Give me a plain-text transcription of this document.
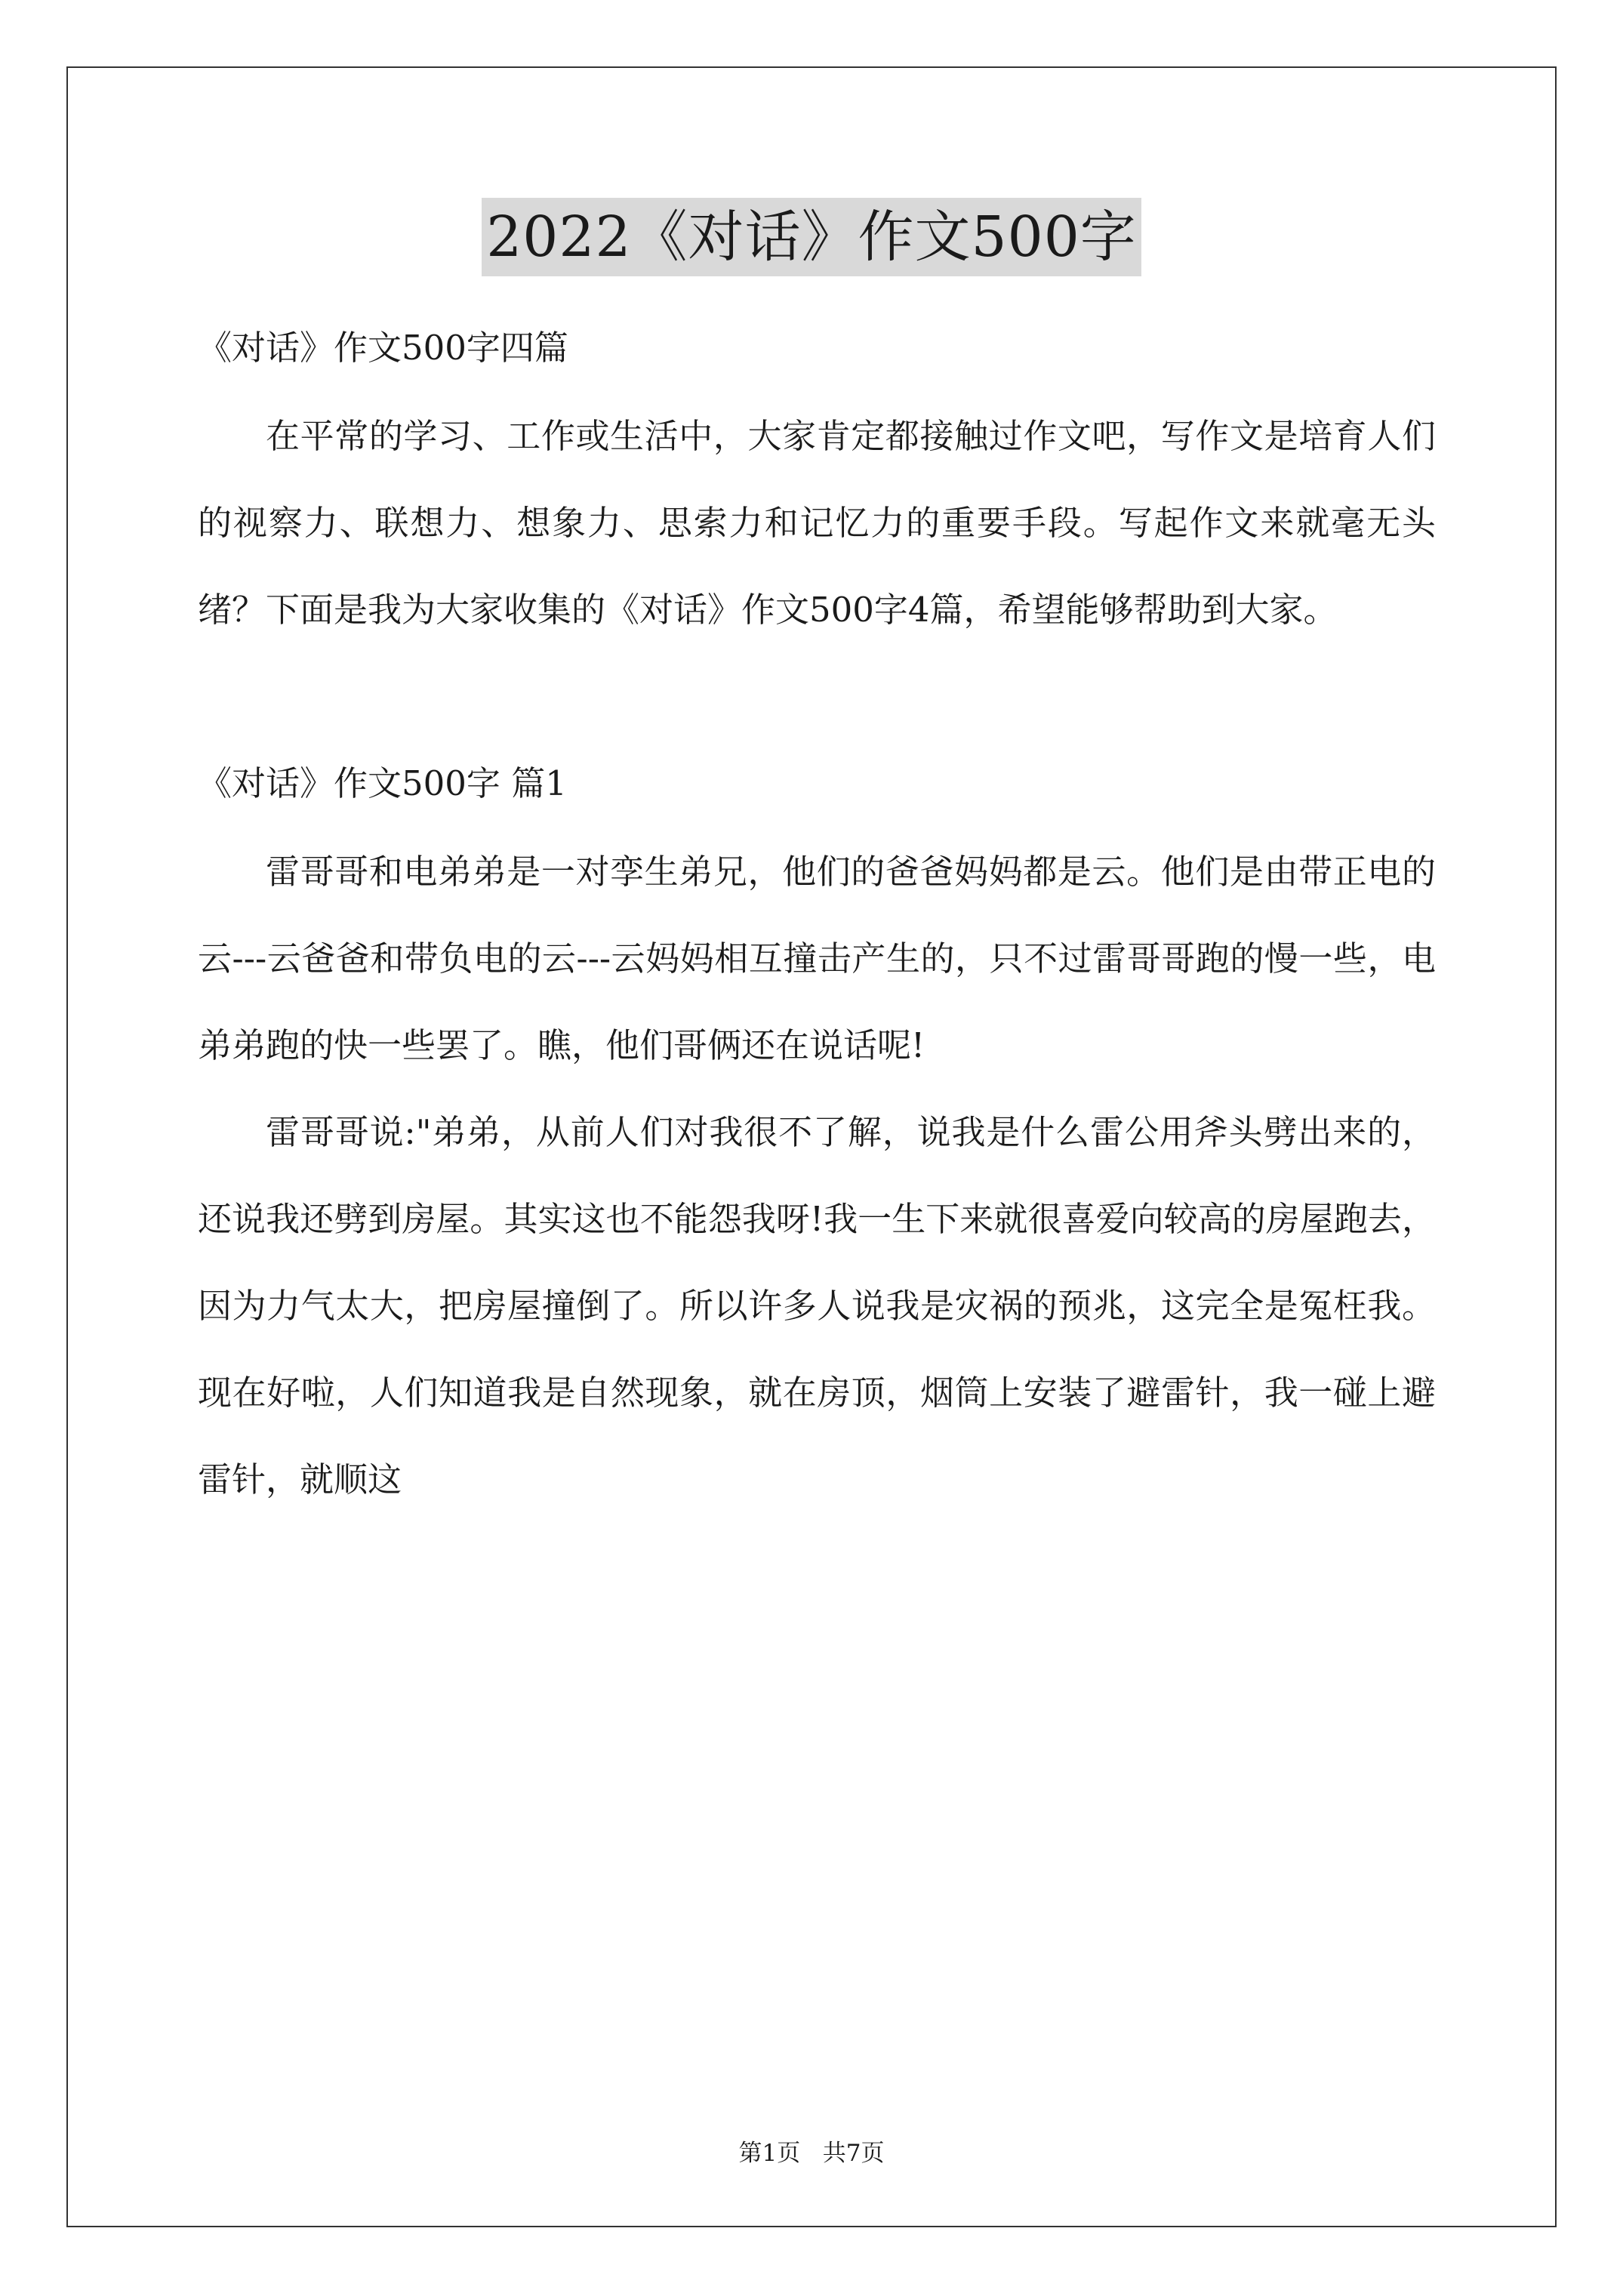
2022《对话》作文500字

《对话》作文500字四篇

在平常的学习、工作或生活中，大家肯定都接触过作文吧，写作文是培育人们的视察力、联想力、想象力、思索力和记忆力的重要手段。写起作文来就毫无头绪？下面是我为大家收集的《对话》作文500字4篇，希望能够帮助到大家。

《对话》作文500字 篇1

雷哥哥和电弟弟是一对孪生弟兄，他们的爸爸妈妈都是云。他们是由带正电的云---云爸爸和带负电的云---云妈妈相互撞击产生的，只不过雷哥哥跑的慢一些，电弟弟跑的快一些罢了。瞧，他们哥俩还在说话呢!

雷哥哥说:"弟弟，从前人们对我很不了解，说我是什么雷公用斧头劈出来的，还说我还劈到房屋。其实这也不能怨我呀!我一生下来就很喜爱向较高的房屋跑去，因为力气太大，把房屋撞倒了。所以许多人说我是灾祸的预兆，这完全是冤枉我。现在好啦，人们知道我是自然现象，就在房顶，烟筒上安装了避雷针，我一碰上避雷针，就顺这

第1页   共7页
